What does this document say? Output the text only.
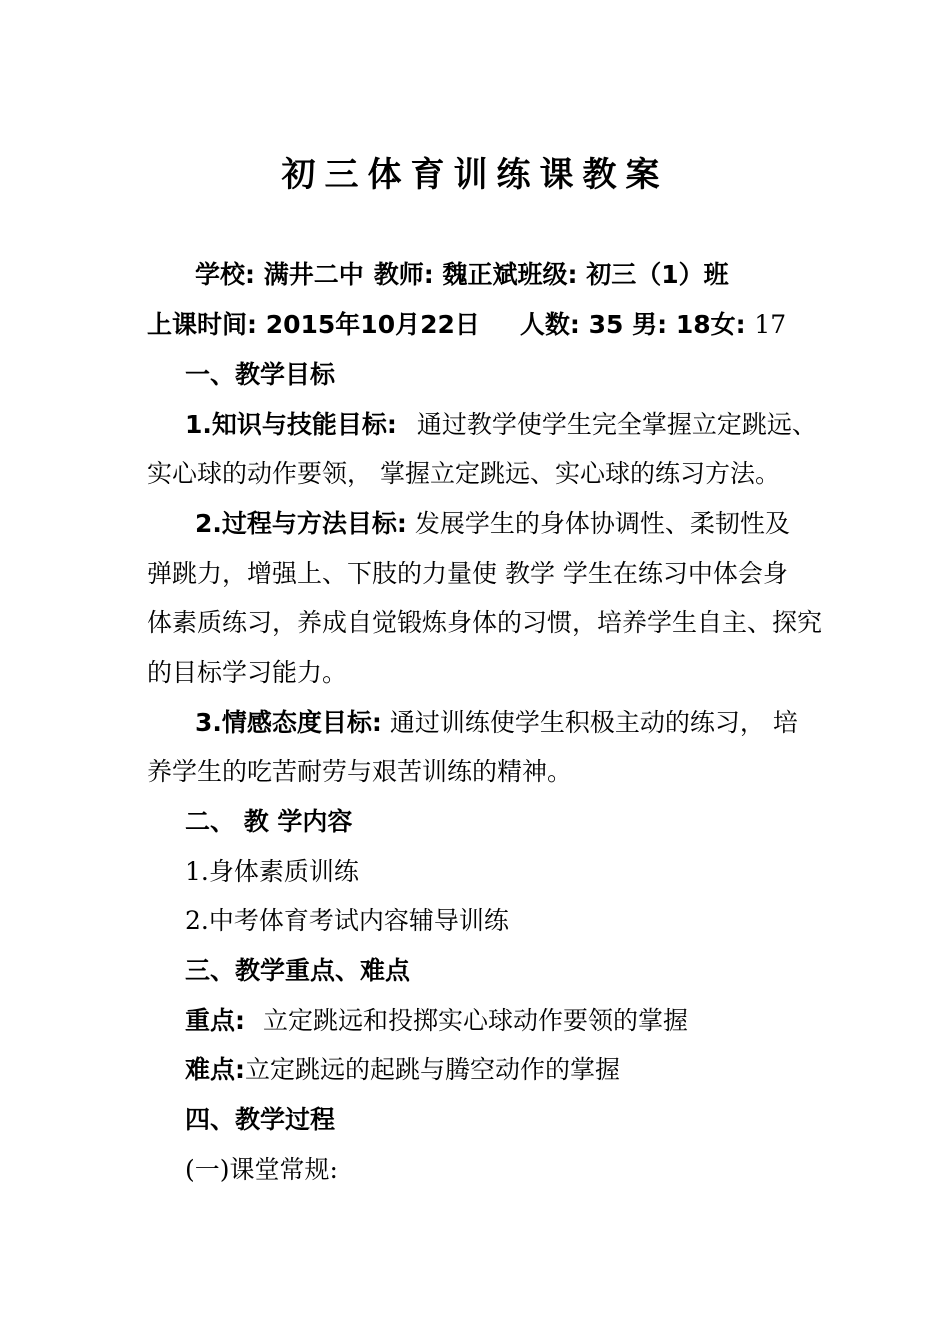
初三体育训练课教案
学校: 满井二中 教师: 魏正斌班级: 初三（1）班
上课时间: 2015年10月22日 人数: 35 男: 18女: 17
一、教学目标
1.知识与技能目标: 通过教学使学生完全掌握立定跳远、
实心球的动作要领， 掌握立定跳远、实心球的练习方法。
2.过程与方法目标: 发展学生的身体协调性、柔韧性及
弹跳力，增强上、下肢的力量使 教学 学生在练习中体会身
体素质练习，养成自觉锻炼身体的习惯，培养学生自主、探究
的目标学习能力。
3.情感态度目标: 通过训练使学生积极主动的练习， 培
养学生的吃苦耐劳与艰苦训练的精神。
二、 教 学内容
1.身体素质训练
2.中考体育考试内容辅导训练
三、教学重点、难点
重点: 立定跳远和投掷实心球动作要领的掌握
难点:立定跳远的起跳与腾空动作的掌握
四、教学过程
(一)课堂常规:
